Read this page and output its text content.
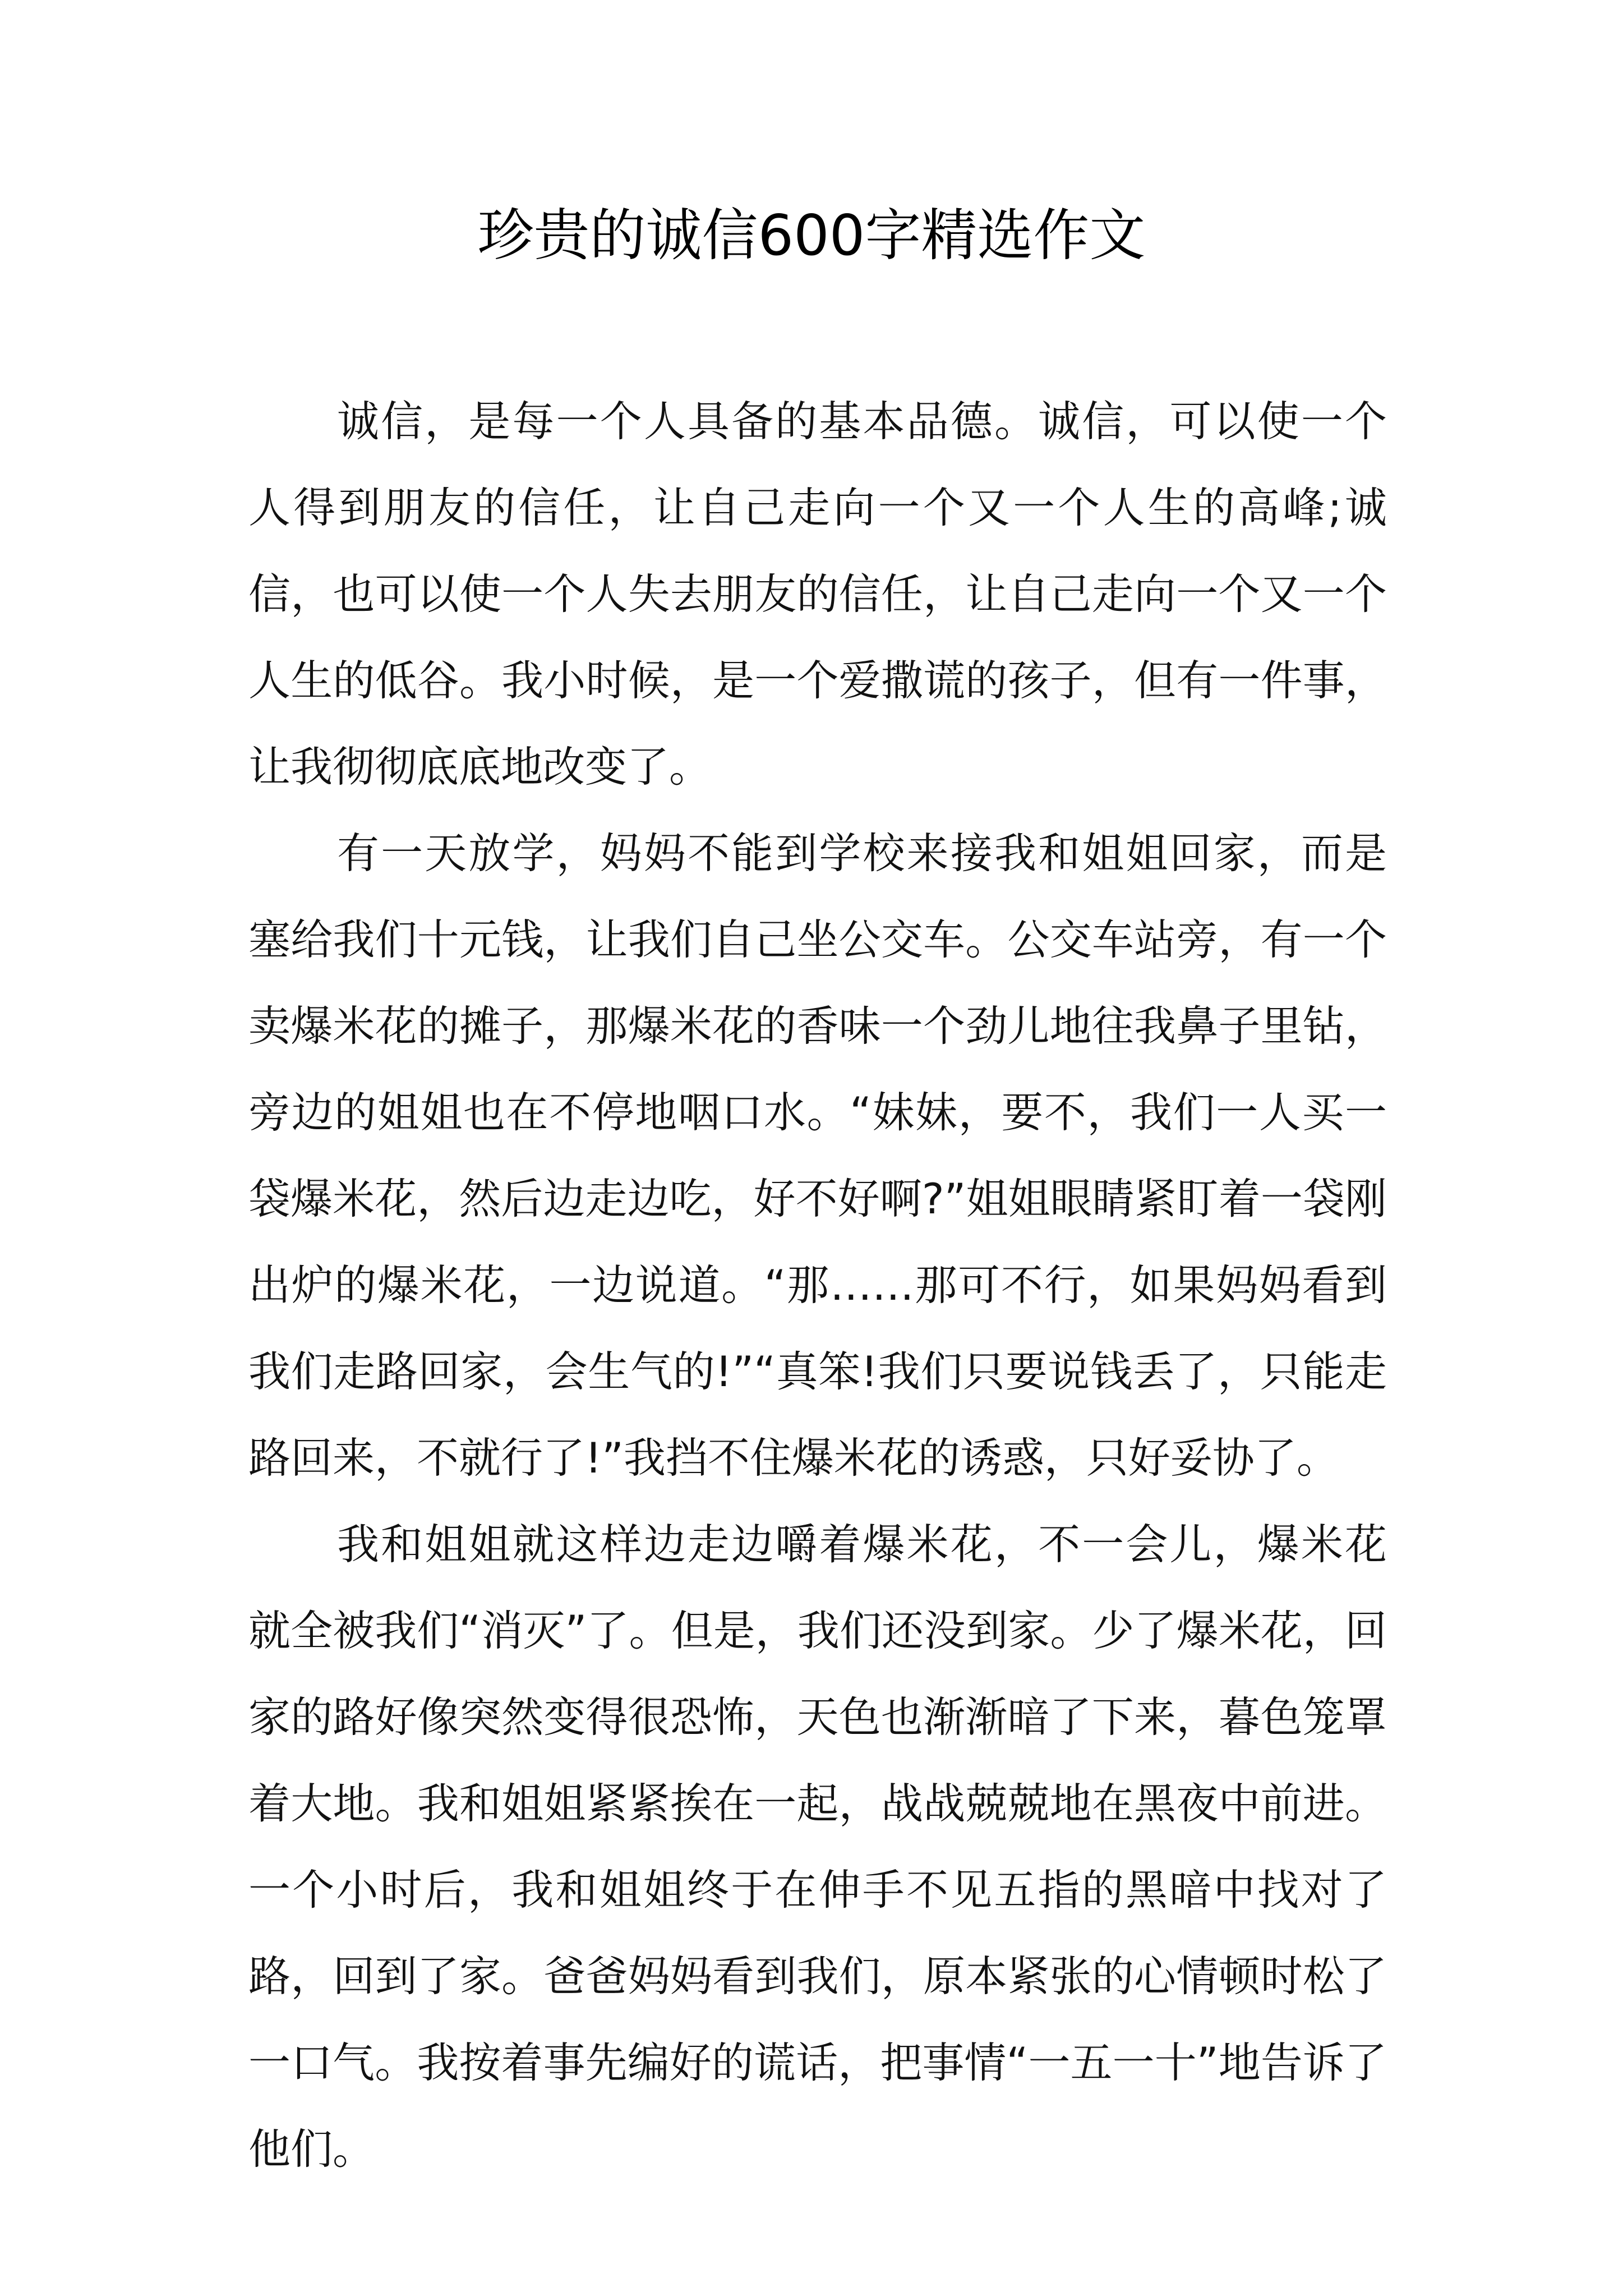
珍贵的诚信600字精选作文

诚信，是每一个人具备的基本品德。诚信，可以使一个人得到朋友的信任，让自己走向一个又一个人生的高峰;诚信，也可以使一个人失去朋友的信任，让自己走向一个又一个人生的低谷。我小时候，是一个爱撒谎的孩子，但有一件事，让我彻彻底底地改变了。

有一天放学，妈妈不能到学校来接我和姐姐回家，而是塞给我们十元钱，让我们自己坐公交车。公交车站旁，有一个卖爆米花的摊子，那爆米花的香味一个劲儿地往我鼻子里钻，旁边的姐姐也在不停地咽口水。“妹妹，要不，我们一人买一袋爆米花，然后边走边吃，好不好啊?”姐姐眼睛紧盯着一袋刚出炉的爆米花，一边说道。“那……那可不行，如果妈妈看到我们走路回家，会生气的!”“真笨!我们只要说钱丢了，只能走路回来，不就行了!”我挡不住爆米花的诱惑，只好妥协了。

我和姐姐就这样边走边嚼着爆米花，不一会儿，爆米花就全被我们“消灭”了。但是，我们还没到家。少了爆米花，回家的路好像突然变得很恐怖，天色也渐渐暗了下来，暮色笼罩着大地。我和姐姐紧紧挨在一起，战战兢兢地在黑夜中前进。一个小时后，我和姐姐终于在伸手不见五指的黑暗中找对了路，回到了家。爸爸妈妈看到我们，原本紧张的心情顿时松了一口气。我按着事先编好的谎话，把事情“一五一十”地告诉了他们。
